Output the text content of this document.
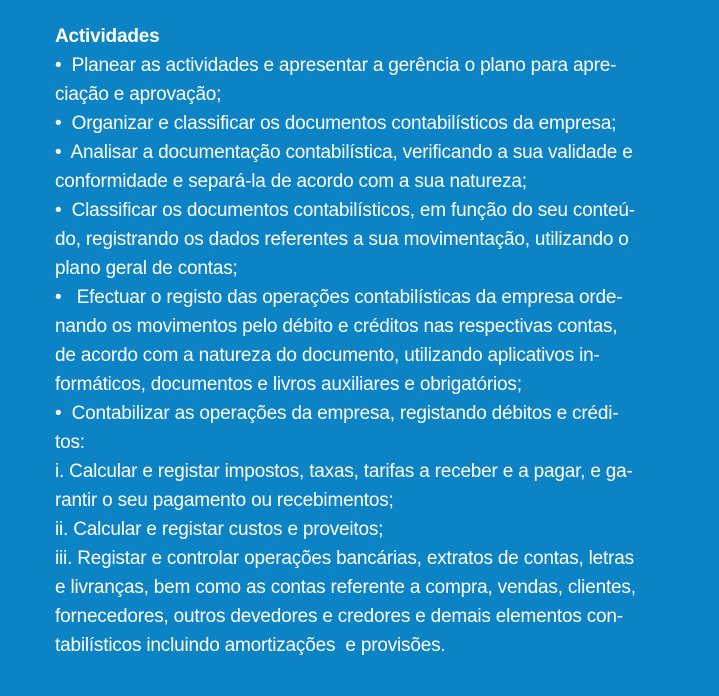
Actividades
•  Planear as actividades e apresentar a gerência o plano para apre-
ciação e aprovação;
•  Organizar e classificar os documentos contabilísticos da empresa;
•  Analisar a documentação contabilística, verificando a sua validade e
conformidade e separá-la de acordo com a sua natureza;
•  Classificar os documentos contabilísticos, em função do seu conteú-
do, registrando os dados referentes a sua movimentação, utilizando o
plano geral de contas;
•   Efectuar o registo das operações contabilísticas da empresa orde-
nando os movimentos pelo débito e créditos nas respectivas contas,
de acordo com a natureza do documento, utilizando aplicativos in-
formáticos, documentos e livros auxiliares e obrigatórios;
•  Contabilizar as operações da empresa, registando débitos e crédi-
tos:
i. Calcular e registar impostos, taxas, tarifas a receber e a pagar, e ga-
rantir o seu pagamento ou recebimentos;
ii. Calcular e registar custos e proveitos;
iii. Registar e controlar operações bancárias, extratos de contas, letras
e livranças, bem como as contas referente a compra, vendas, clientes,
fornecedores, outros devedores e credores e demais elementos con-
tabilísticos incluindo amortizações  e provisões.
